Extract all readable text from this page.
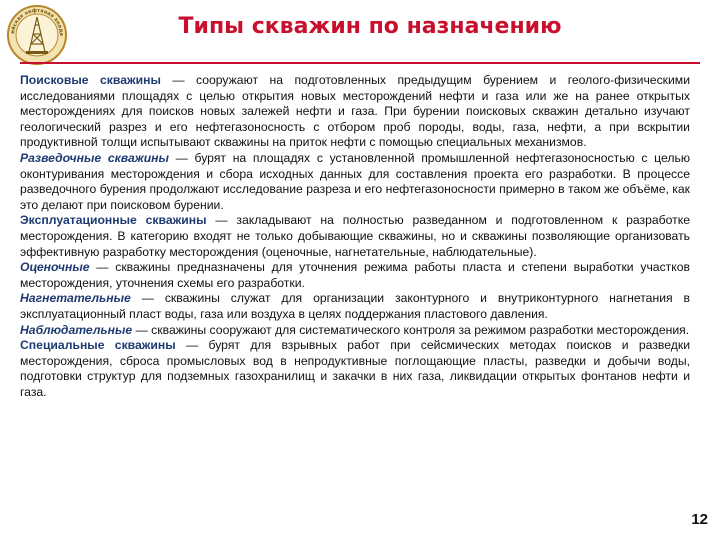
ийская нефтяная акаде	Типы скважин по назначению

Поисковые скважины — сооружают на подготовленных предыдущим бурением и геолого-физическими исследованиями площадях с целью открытия новых месторождений нефти и газа или же на ранее открытых месторождениях для поисков новых залежей нефти и газа. При бурении поисковых скважин детально изучают геологический разрез и его нефтегазоносность с отбором проб породы, воды, газа, нефти, а при вскрытии продуктивной толщи испытывают скважины на приток нефти с помощью специальных механизмов.

Разведочные скважины — бурят на площадях с установленной промышленной нефтегазоносностью с целью оконтуривания месторождения и сбора исходных данных для составления проекта его разработки. В процессе разведочного бурения продолжают исследование разреза и его нефтегазоносности примерно в таком же объёме, как это делают при поисковом бурении.

Эксплуатационные скважины — закладывают на полностью разведанном и подготовленном к разработке месторождения. В категорию входят не только добывающие скважины, но и скважины позволяющие организовать эффективную разработку месторождения (оценочные, нагнетательные, наблюдательные).

Оценочные — скважины предназначены для уточнения режима работы пласта и степени выработки участков месторождения, уточнения схемы его разработки.

Нагнетательные — скважины служат для организации законтурного и внутриконтурного нагнетания в эксплуатационный пласт воды, газа или воздуха в целях поддержания пластового давления.

Наблюдательные — скважины сооружают для систематического контроля за режимом разработки месторождения.

Специальные скважины — бурят для взрывных работ при сейсмических методах поисков и разведки месторождения, сброса промысловых вод в непродуктивные поглощающие пласты, разведки и добычи воды, подготовки структур для подземных газохранилищ и закачки в них газа, ликвидации открытых фонтанов нефти и газа.

12
